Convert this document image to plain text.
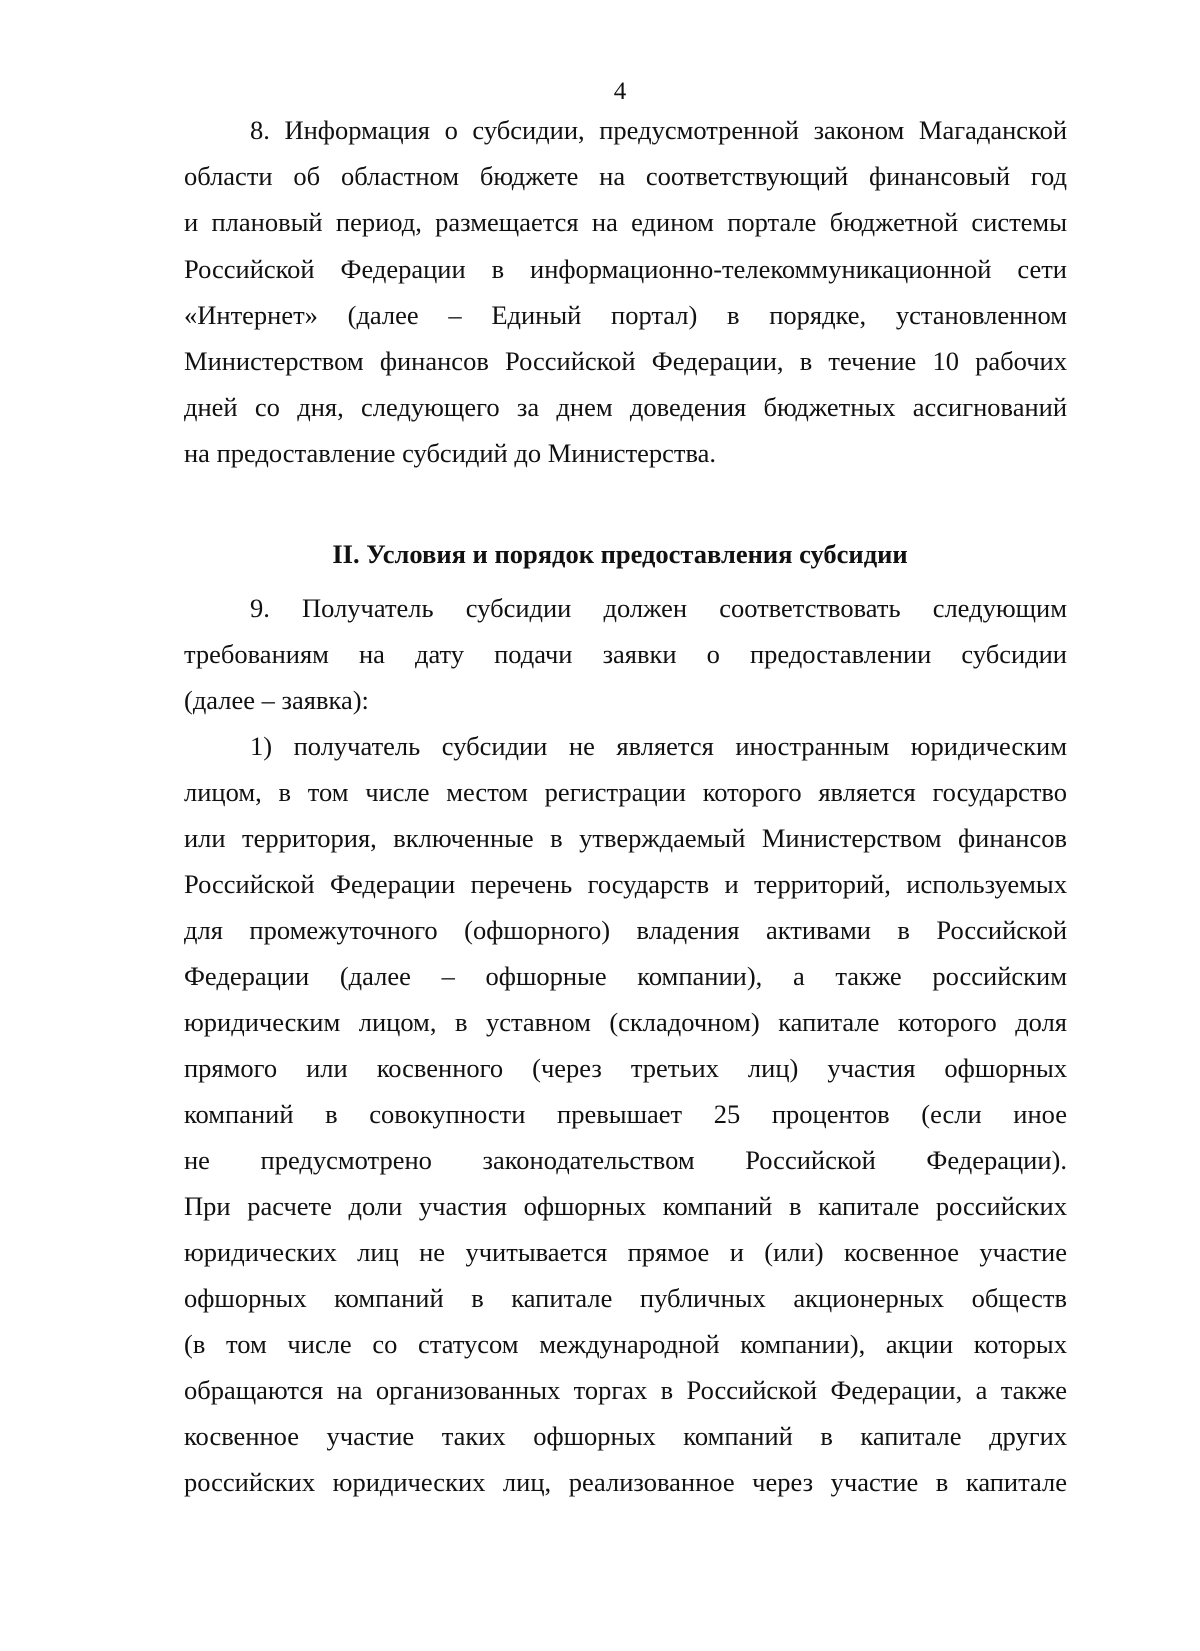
4
8. Информация о субсидии, предусмотренной законом Магаданской
области об областном бюджете на соответствующий финансовый год
и плановый период, размещается на едином портале бюджетной системы
Российской Федерации в информационно-телекоммуникационной сети
«Интернет» (далее – Единый портал) в порядке, установленном
Министерством финансов Российской Федерации, в течение 10 рабочих
дней со дня, следующего за днем доведения бюджетных ассигнований
на предоставление субсидий до Министерства.
II. Условия и порядок предоставления субсидии
9. Получатель субсидии должен соответствовать следующим
требованиям на дату подачи заявки о предоставлении субсидии
(далее – заявка):
1) получатель субсидии не является иностранным юридическим
лицом, в том числе местом регистрации которого является государство
или территория, включенные в утверждаемый Министерством финансов
Российской Федерации перечень государств и территорий, используемых
для промежуточного (офшорного) владения активами в Российской
Федерации (далее – офшорные компании), а также российским
юридическим лицом, в уставном (складочном) капитале которого доля
прямого или косвенного (через третьих лиц) участия офшорных
компаний в совокупности превышает 25 процентов (если иное
не предусмотрено законодательством Российской Федерации).
При расчете доли участия офшорных компаний в капитале российских
юридических лиц не учитывается прямое и (или) косвенное участие
офшорных компаний в капитале публичных акционерных обществ
(в том числе со статусом международной компании), акции которых
обращаются на организованных торгах в Российской Федерации, а также
косвенное участие таких офшорных компаний в капитале других
российских юридических лиц, реализованное через участие в капитале
